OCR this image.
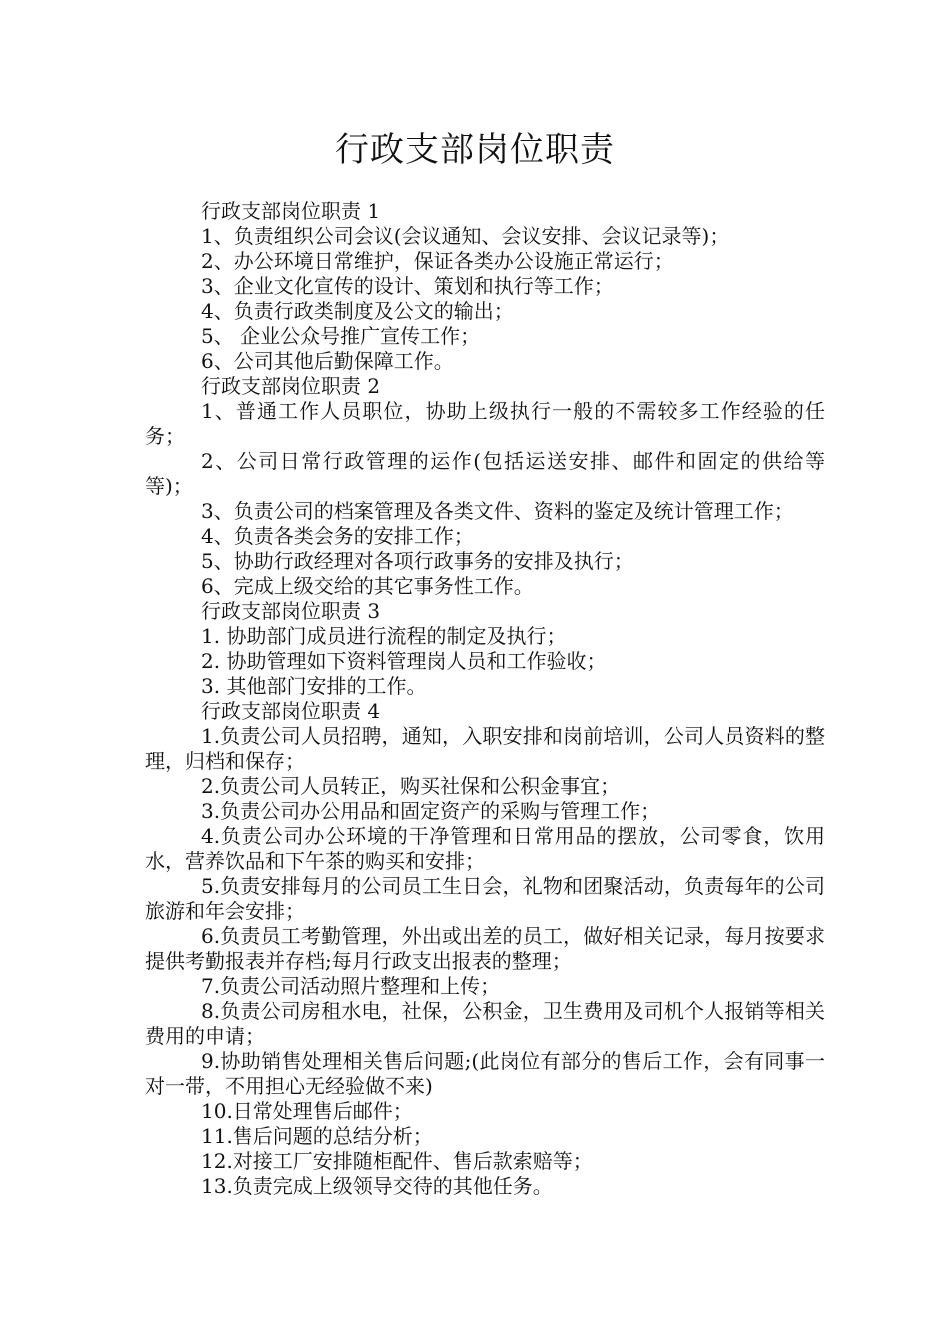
行政支部岗位职责

行政支部岗位职责 1

1、负责组织公司会议(会议通知、会议安排、会议记录等)；

2、办公环境日常维护，保证各类办公设施正常运行；

3、企业文化宣传的设计、策划和执行等工作；

4、负责行政类制度及公文的输出；

5、 企业公众号推广宣传工作；

6、公司其他后勤保障工作。

行政支部岗位职责 2

1、普通工作人员职位，协助上级执行一般的不需较多工作经验的任务；

2、公司日常行政管理的运作(包括运送安排、邮件和固定的供给等等)；

3、负责公司的档案管理及各类文件、资料的鉴定及统计管理工作；

4、负责各类会务的安排工作；

5、协助行政经理对各项行政事务的安排及执行；

6、完成上级交给的其它事务性工作。

行政支部岗位职责 3

1. 协助部门成员进行流程的制定及执行；

2. 协助管理如下资料管理岗人员和工作验收；

3. 其他部门安排的工作。

行政支部岗位职责 4

1.负责公司人员招聘，通知，入职安排和岗前培训，公司人员资料的整理，归档和保存；

2.负责公司人员转正，购买社保和公积金事宜；

3.负责公司办公用品和固定资产的采购与管理工作；

4.负责公司办公环境的干净管理和日常用品的摆放，公司零食，饮用水，营养饮品和下午茶的购买和安排；

5.负责安排每月的公司员工生日会，礼物和团聚活动，负责每年的公司旅游和年会安排；

6.负责员工考勤管理，外出或出差的员工，做好相关记录，每月按要求提供考勤报表并存档;每月行政支出报表的整理；

7.负责公司活动照片整理和上传；

8.负责公司房租水电，社保，公积金，卫生费用及司机个人报销等相关费用的申请；

9.协助销售处理相关售后问题;(此岗位有部分的售后工作，会有同事一对一带，不用担心无经验做不来)

10.日常处理售后邮件；

11.售后问题的总结分析；

12.对接工厂安排随柜配件、售后款索赔等；

13.负责完成上级领导交待的其他任务。
